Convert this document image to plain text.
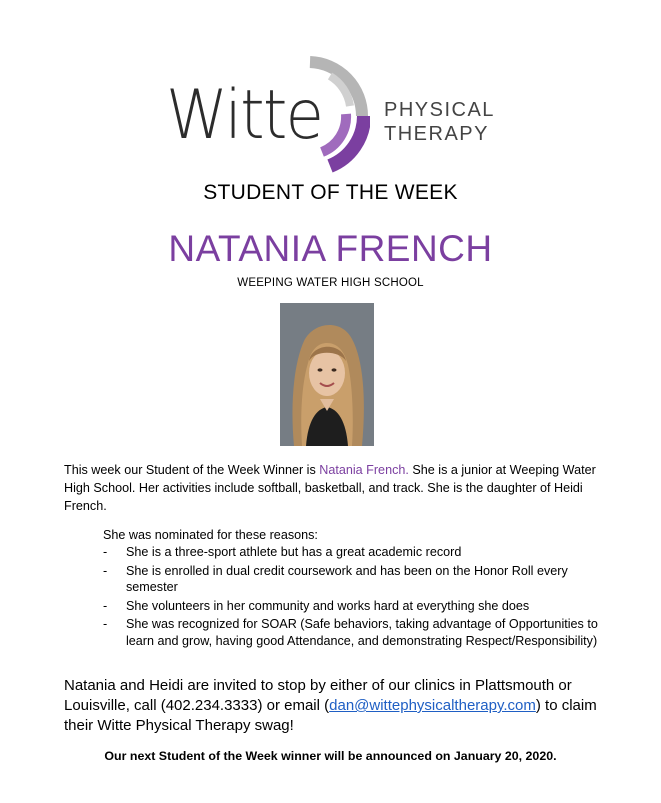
Witte	PHYSICAL
THERAPY
STUDENT OF THE WEEK
NATANIA FRENCH
WEEPING WATER HIGH SCHOOL
This week our Student of the Week Winner is Natania French. She is a junior at Weeping Water High School. Her activities include softball, basketball, and track. She is the daughter of Heidi French.
She was nominated for these reasons:
- She is a three-sport athlete but has a great academic record
- She is enrolled in dual credit coursework and has been on the Honor Roll every semester
- She volunteers in her community and works hard at everything she does
- She was recognized for SOAR (Safe behaviors, taking advantage of Opportunities to learn and grow, having good Attendance, and demonstrating Respect/Responsibility)
Natania and Heidi are invited to stop by either of our clinics in Plattsmouth or Louisville, call (402.234.3333) or email (dan@wittephysicaltherapy.com) to claim their Witte Physical Therapy swag!
Our next Student of the Week winner will be announced on January 20, 2020.
